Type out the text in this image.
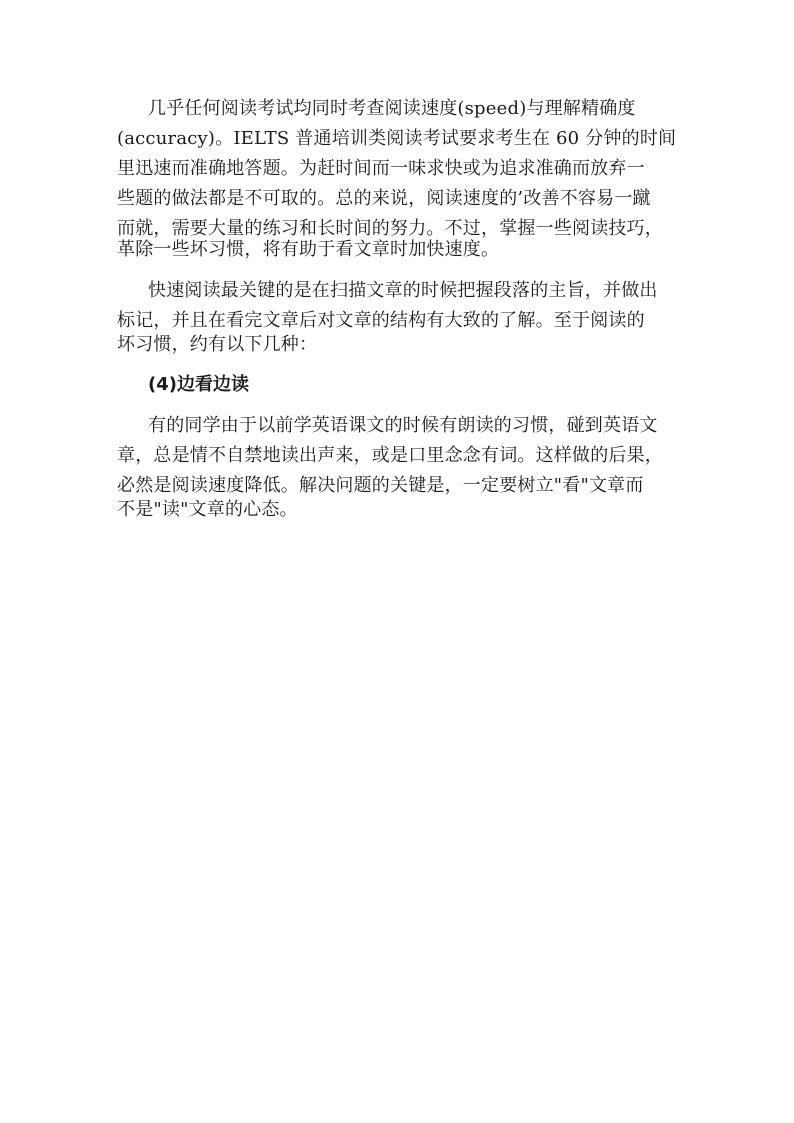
几乎任何阅读考试均同时考查阅读速度(speed)与理解精确度
(accuracy)。IELTS 普通培训类阅读考试要求考生在 60 分钟的时间
里迅速而准确地答题。为赶时间而一味求快或为追求准确而放弃一
些题的做法都是不可取的。总的来说，阅读速度的’改善不容易一蹴
而就，需要大量的练习和长时间的努力。不过，掌握一些阅读技巧，
革除一些坏习惯，将有助于看文章时加快速度。
快速阅读最关键的是在扫描文章的时候把握段落的主旨，并做出
标记，并且在看完文章后对文章的结构有大致的了解。至于阅读的
坏习惯，约有以下几种：
(4)边看边读
有的同学由于以前学英语课文的时候有朗读的习惯，碰到英语文
章，总是情不自禁地读出声来，或是口里念念有词。这样做的后果，
必然是阅读速度降低。解决问题的关键是，一定要树立"看"文章而
不是"读"文章的心态。
